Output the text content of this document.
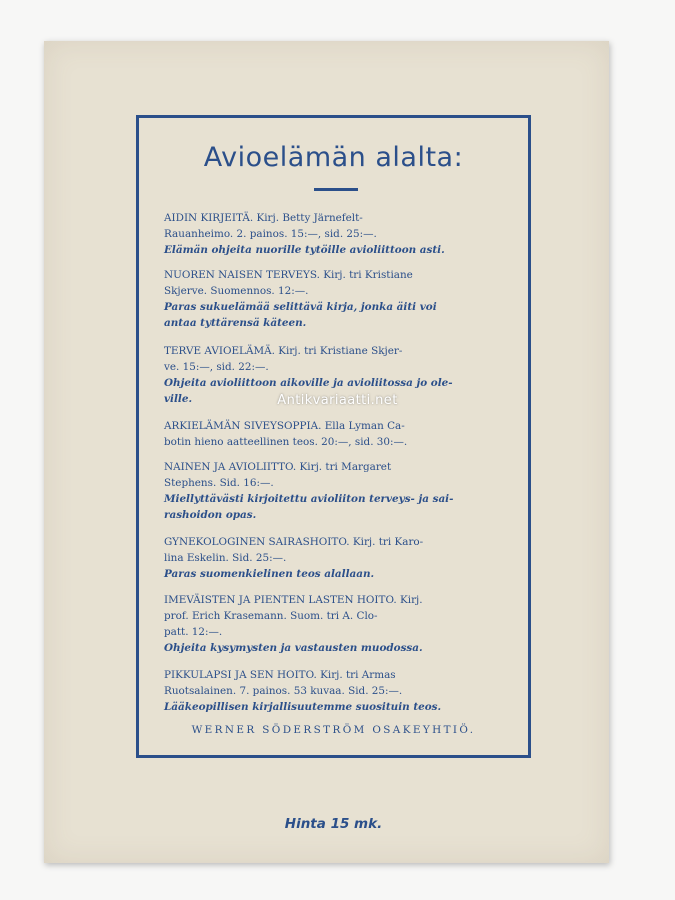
Avioelämän alalta:
AIDIN KIRJEITÄ. Kirj. Betty Järnefelt-
Rauanheimo. 2. painos. 15:—, sid. 25:—.
Elämän ohjeita nuorille tytöille avioliittoon asti.
NUOREN NAISEN TERVEYS. Kirj. tri Kristiane
Skjerve. Suomennos. 12:—.
Paras sukuelämää selittävä kirja, jonka äiti voi
antaa tyttärensä käteen.
TERVE AVIOELÄMÄ. Kirj. tri Kristiane Skjer-
ve. 15:—, sid. 22:—.
Ohjeita avioliittoon aikoville ja avioliitossa jo ole-
ville.
ARKIELÄMÄN SIVEYSOPPIA. Ella Lyman Ca-
botin hieno aatteellinen teos. 20:—, sid. 30:—.
NAINEN JA AVIOLIITTO. Kirj. tri Margaret
Stephens. Sid. 16:—.
Miellyttävästi kirjoitettu avioliiton terveys- ja sai-
rashoidon opas.
GYNEKOLOGINEN SAIRASHOITO. Kirj. tri Karo-
lina Eskelin. Sid. 25:—.
Paras suomenkielinen teos alallaan.
IMEVÄISTEN JA PIENTEN LASTEN HOITO. Kirj.
prof. Erich Krasemann. Suom. tri A. Clo-
patt. 12:—.
Ohjeita kysymysten ja vastausten muodossa.
PIKKULAPSI JA SEN HOITO. Kirj. tri Armas
Ruotsalainen. 7. painos. 53 kuvaa. Sid. 25:—.
Lääkeopillisen kirjallisuutemme suosituin teos.
WERNER SÖDERSTRÖM OSAKEYHTIÖ.
Hinta 15 mk.
Antikvariaatti.net
